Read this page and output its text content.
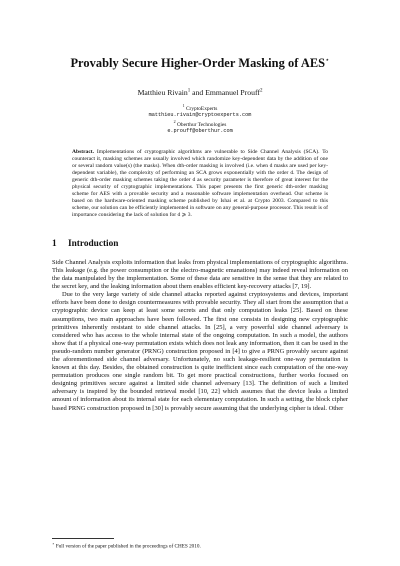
Provably Secure Higher-Order Masking of AES⋆
Matthieu Rivain$^1$ and Emmanuel Prouff$^2$
$^1$ CryptoExperts
matthieu.rivain@cryptoexperts.com
$^2$ Oberthur Technologies
e.prouff@oberthur.com
Abstract. Implementations of cryptographic algorithms are vulnerable to Side Channel Analysis (SCA). To counteract it, masking schemes are usually involved which randomize key-dependent data by the addition of one or several random value(s) (the masks). When dth-order masking is involved (i.e. when d masks are used per key-dependent variable), the complexity of performing an SCA grows exponentially with the order d. The design of generic dth-order masking schemes taking the order d as security parameter is therefore of great interest for the physical security of cryptographic implementations. This paper presents the first generic dth-order masking scheme for AES with a provable security and a reasonable software implementation overhead. Our scheme is based on the hardware-oriented masking scheme published by Ishai et al. at Crypto 2003. Compared to this scheme, our solution can be efficiently implemented in software on any general-purpose processor. This result is of importance considering the lack of solution for d ⩾ 3.
1 Introduction

Side Channel Analysis exploits information that leaks from physical implementations of cryptographic algorithms. This leakage (e.g. the power consumption or the electro-magnetic emanations) may indeed reveal information on the data manipulated by the implementation. Some of these data are sensitive in the sense that they are related to the secret key, and the leaking information about them enables efficient key-recovery attacks [7, 19].

Due to the very large variety of side channel attacks reported against cryptosystems and devices, important efforts have been done to design countermeasures with provable security. They all start from the assumption that a cryptographic device can keep at least some secrets and that only computation leaks [25]. Based on these assumptions, two main approaches have been followed. The first one consists in designing new cryptographic primitives inherently resistant to side channel attacks. In [25], a very powerful side channel adversary is considered who has access to the whole internal state of the ongoing computation. In such a model, the authors show that if a physical one-way permutation exists which does not leak any information, then it can be used in the pseudo-random number generator (PRNG) construction proposed in [4] to give a PRNG provably secure against the aforementioned side channel adversary. Unfortunately, no such leakage-resilient one-way permutation is known at this day. Besides, the obtained construction is quite inefficient since each computation of the one-way permutation produces one single random bit. To get more practical constructions, further works focused on designing primitives secure against a limited side channel adversary [13]. The definition of such a limited adversary is inspired by the bounded retrieval model [10, 22] which assumes that the device leaks a limited amount of information about its internal state for each elementary computation. In such a setting, the block cipher based PRNG construction proposed in [30] is provably secure assuming that the underlying cipher is ideal. Other

⋆ Full version of the paper published in the proceedings of CHES 2010.
